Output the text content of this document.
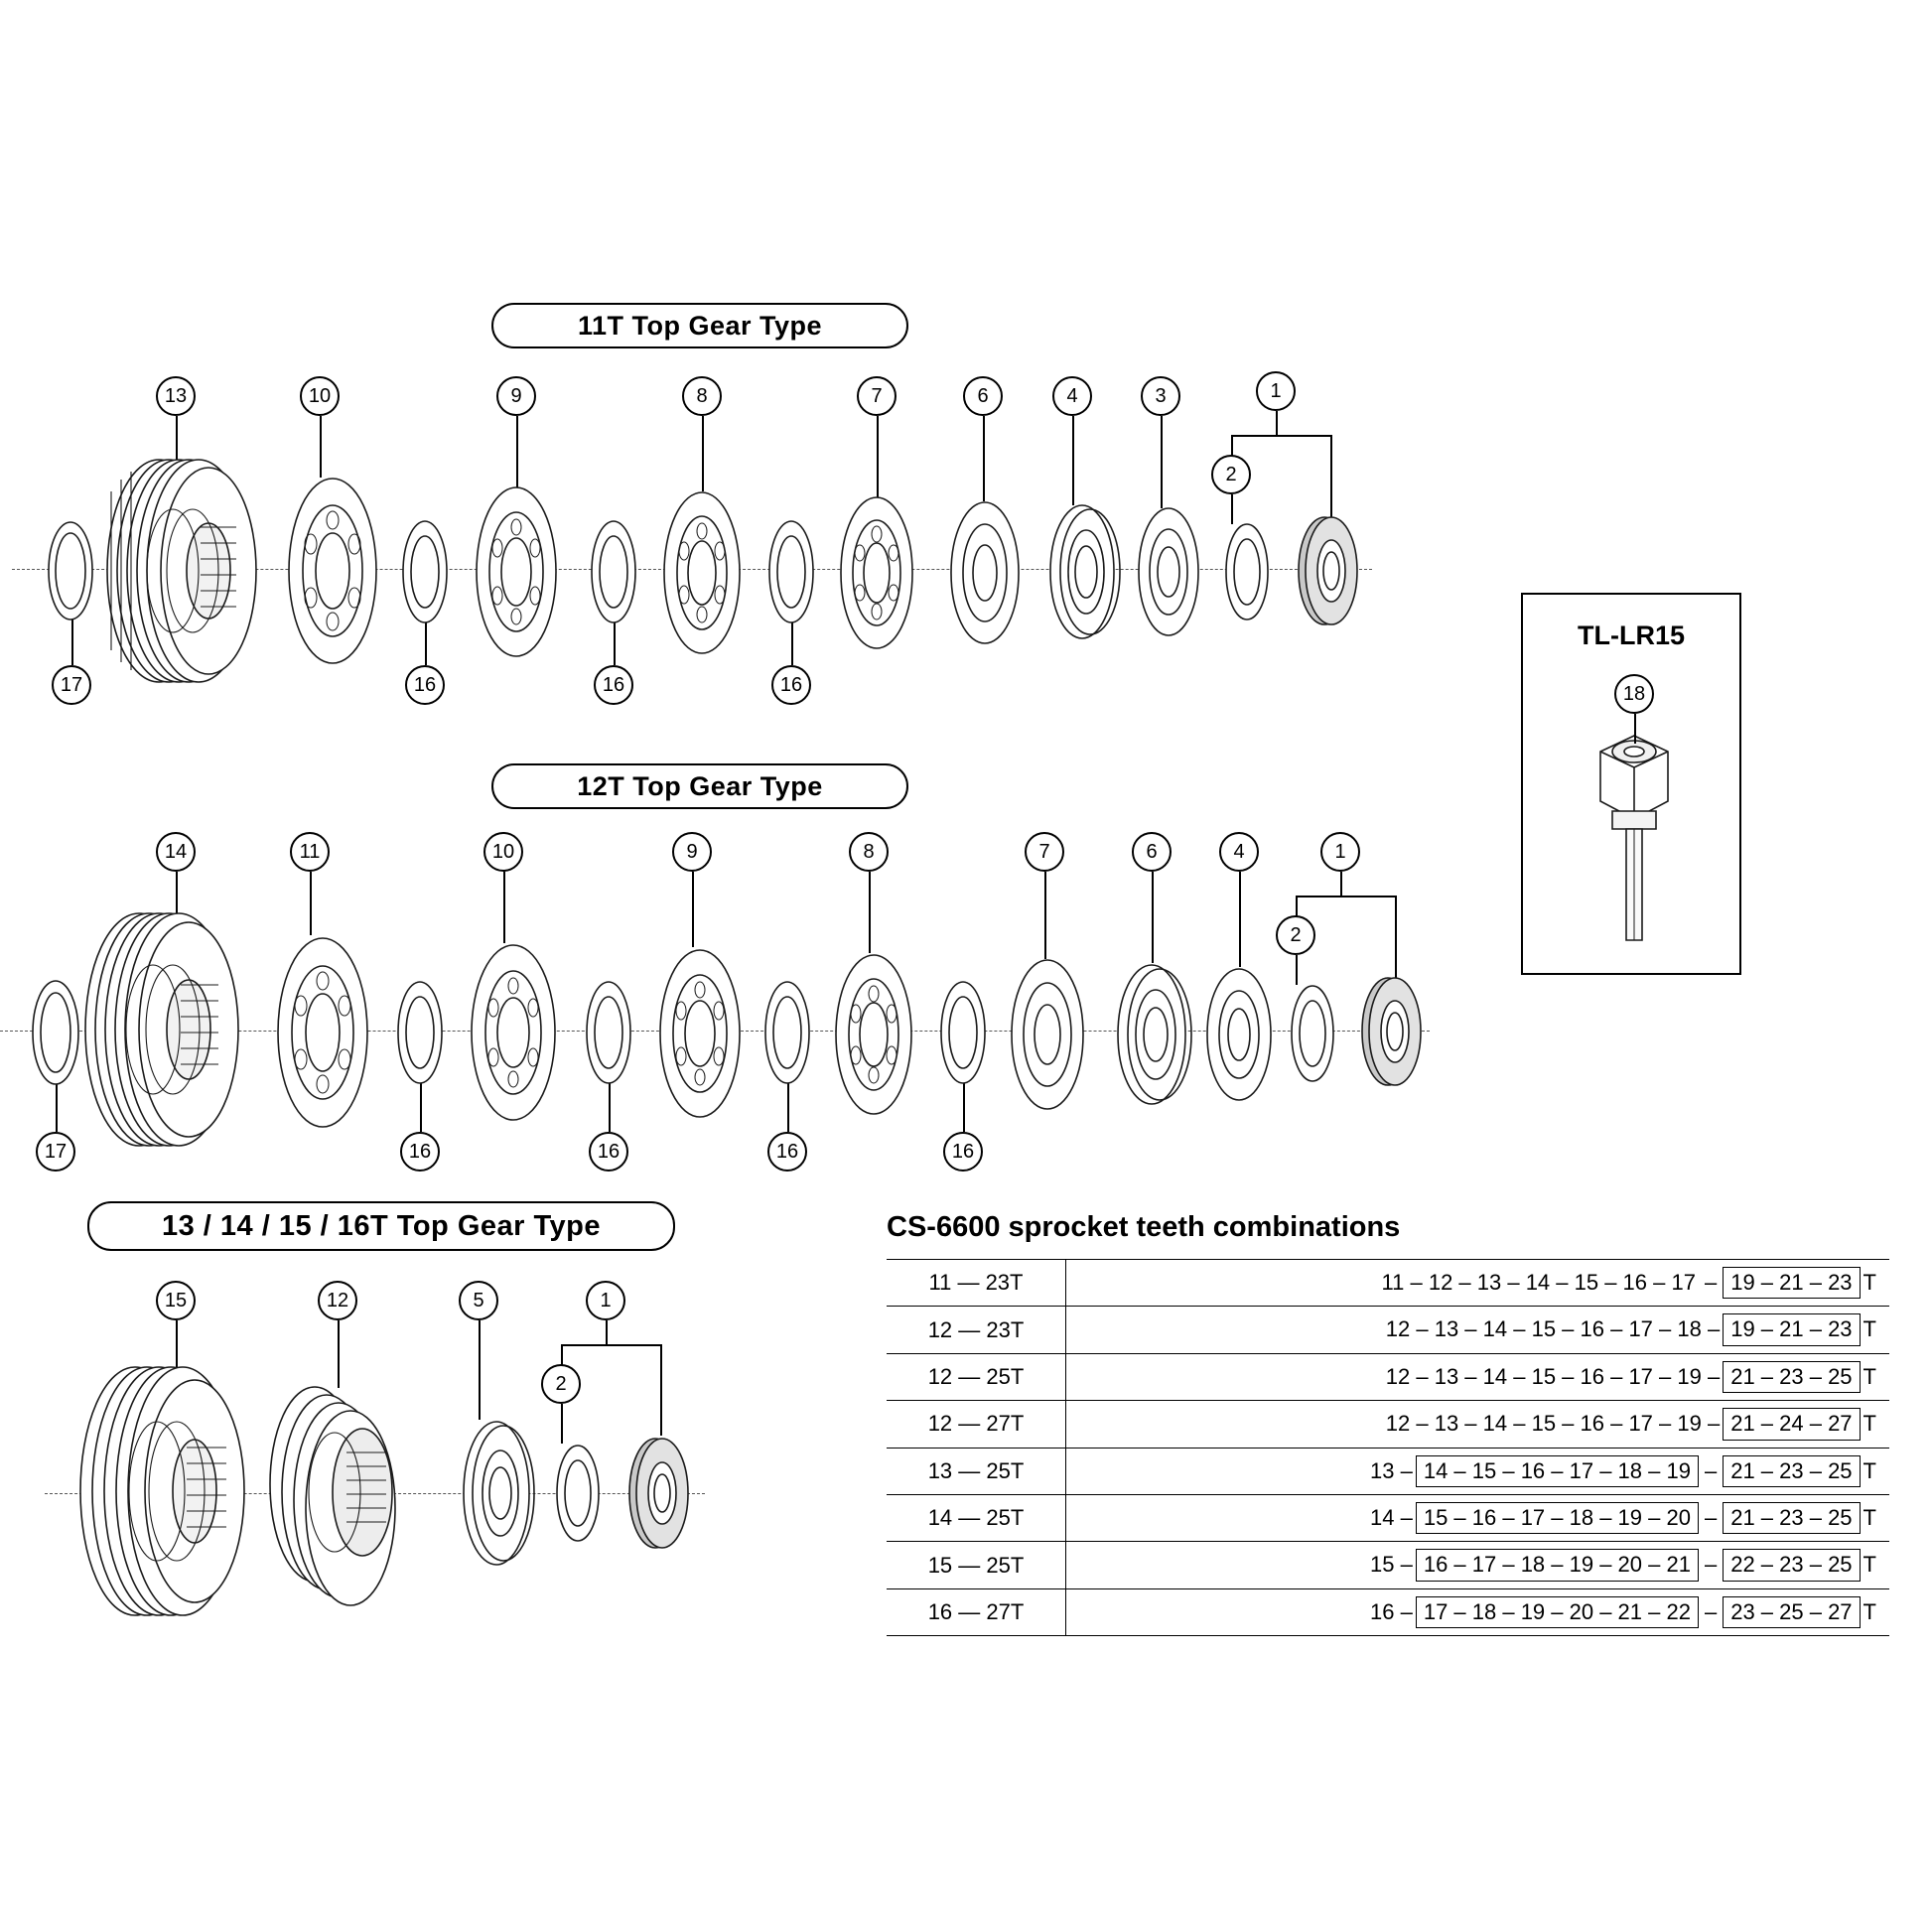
11T Top Gear Type
13	10	9	8	7	6	4	3	1
2
17	16	16	16
12T Top Gear Type
14	11	10	9	8	7	6	4	1
2
17	16	16	16	16
13 / 14 / 15 / 16T Top Gear Type
15	12	5	1
2
TL-LR15
18
CS-6600 sprocket teeth combinations
11 — 23T	11 – 12 – 13 – 14 – 15 – 16 – 17 – 19 – 21 – 23 T
12 — 23T	12 – 13 – 14 – 15 – 16 – 17 – 18 – 19 – 21 – 23 T
12 — 25T	12 – 13 – 14 – 15 – 16 – 17 – 19 – 21 – 23 – 25 T
12 — 27T	12 – 13 – 14 – 15 – 16 – 17 – 19 – 21 – 24 – 27 T
13 — 25T	13 – 14 – 15 – 16 – 17 – 18 – 19 – 21 – 23 – 25 T
14 — 25T	14 – 15 – 16 – 17 – 18 – 19 – 20 – 21 – 23 – 25 T
15 — 25T	15 – 16 – 17 – 18 – 19 – 20 – 21 – 22 – 23 – 25 T
16 — 27T	16 – 17 – 18 – 19 – 20 – 21 – 22 – 23 – 25 – 27 T
